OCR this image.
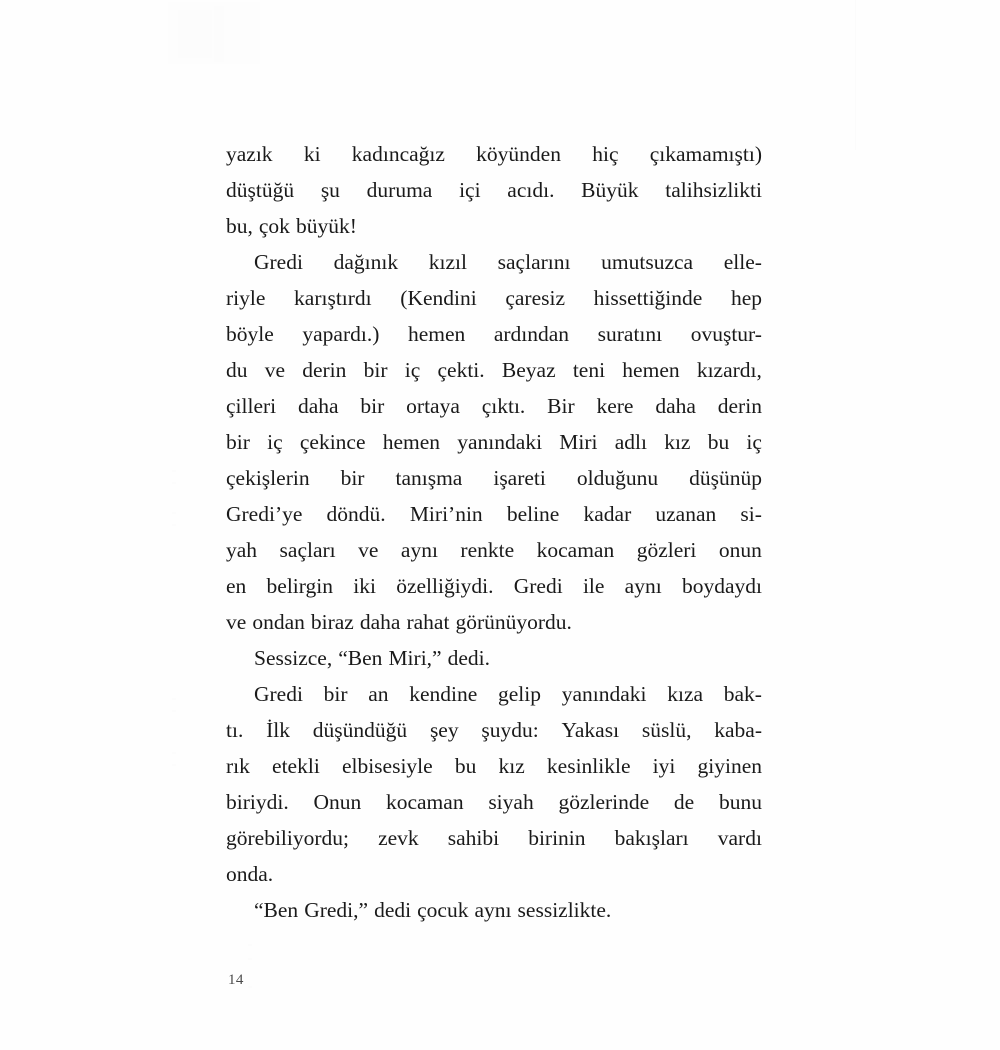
yazık ki kadıncağız köyünden hiç çıkamamıştı)
düştüğü şu duruma içi acıdı. Büyük talihsizlikti
bu, çok büyük!
Gredi dağınık kızıl saçlarını umutsuzca elle-
riyle karıştırdı (Kendini çaresiz hissettiğinde hep
böyle yapardı.) hemen ardından suratını ovuştur-
du ve derin bir iç çekti. Beyaz teni hemen kızardı,
çilleri daha bir ortaya çıktı. Bir kere daha derin
bir iç çekince hemen yanındaki Miri adlı kız bu iç
çekişlerin bir tanışma işareti olduğunu düşünüp
Gredi’ye döndü. Miri’nin beline kadar uzanan si-
yah saçları ve aynı renkte kocaman gözleri onun
en belirgin iki özelliğiydi. Gredi ile aynı boydaydı
ve ondan biraz daha rahat görünüyordu.
Sessizce, “Ben Miri,” dedi.
Gredi bir an kendine gelip yanındaki kıza bak-
tı. İlk düşündüğü şey şuydu: Yakası süslü, kaba-
rık etekli elbisesiyle bu kız kesinlikle iyi giyinen
biriydi. Onun kocaman siyah gözlerinde de bunu
görebiliyordu; zevk sahibi birinin bakışları vardı
onda.
“Ben Gredi,” dedi çocuk aynı sessizlikte.
14
